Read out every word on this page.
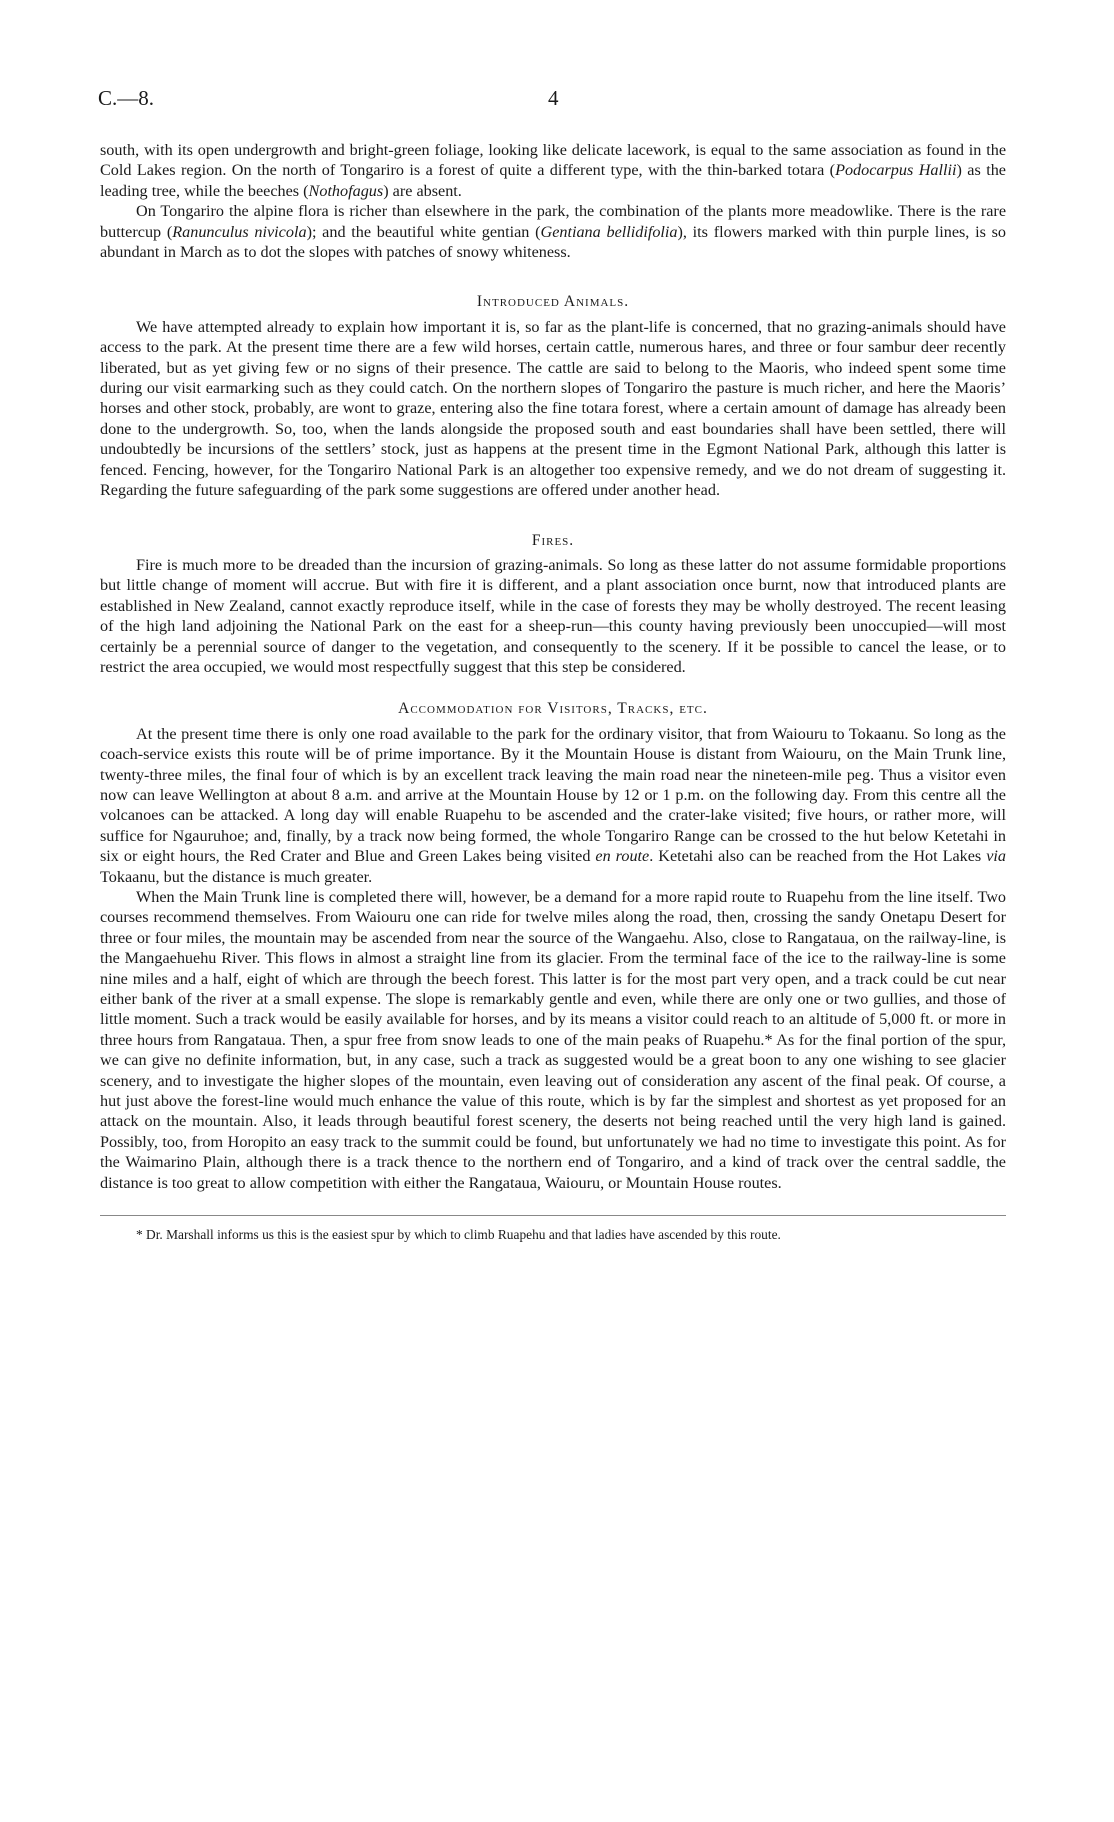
C.—8.	4

south, with its open undergrowth and bright-green foliage, looking like delicate lacework, is equal to the same association as found in the Cold Lakes region. On the north of Tongariro is a forest of quite a different type, with the thin-barked totara (Podocarpus Hallii) as the leading tree, while the beeches (Nothofagus) are absent.

On Tongariro the alpine flora is richer than elsewhere in the park, the combination of the plants more meadowlike. There is the rare buttercup (Ranunculus nivicola); and the beautiful white gentian (Gentiana bellidifolia), its flowers marked with thin purple lines, is so abundant in March as to dot the slopes with patches of snowy whiteness.

Introduced Animals.

We have attempted already to explain how important it is, so far as the plant-life is concerned, that no grazing-animals should have access to the park. At the present time there are a few wild horses, certain cattle, numerous hares, and three or four sambur deer recently liberated, but as yet giving few or no signs of their presence. The cattle are said to belong to the Maoris, who indeed spent some time during our visit earmarking such as they could catch. On the northern slopes of Tongariro the pasture is much richer, and here the Maoris’ horses and other stock, probably, are wont to graze, entering also the fine totara forest, where a certain amount of damage has already been done to the undergrowth. So, too, when the lands alongside the proposed south and east boundaries shall have been settled, there will undoubtedly be incursions of the settlers’ stock, just as happens at the present time in the Egmont National Park, although this latter is fenced. Fencing, however, for the Tongariro National Park is an altogether too expensive remedy, and we do not dream of suggesting it. Regarding the future safeguarding of the park some suggestions are offered under another head.

Fires.

Fire is much more to be dreaded than the incursion of grazing-animals. So long as these latter do not assume formidable proportions but little change of moment will accrue. But with fire it is different, and a plant association once burnt, now that introduced plants are established in New Zealand, cannot exactly reproduce itself, while in the case of forests they may be wholly destroyed. The recent leasing of the high land adjoining the National Park on the east for a sheep-run—this county having previously been unoccupied—will most certainly be a perennial source of danger to the vegetation, and consequently to the scenery. If it be possible to cancel the lease, or to restrict the area occupied, we would most respectfully suggest that this step be considered.

Accommodation for Visitors, Tracks, etc.

At the present time there is only one road available to the park for the ordinary visitor, that from Waiouru to Tokaanu. So long as the coach-service exists this route will be of prime importance. By it the Mountain House is distant from Waiouru, on the Main Trunk line, twenty-three miles, the final four of which is by an excellent track leaving the main road near the nineteen-mile peg. Thus a visitor even now can leave Wellington at about 8 a.m. and arrive at the Mountain House by 12 or 1 p.m. on the following day. From this centre all the volcanoes can be attacked. A long day will enable Ruapehu to be ascended and the crater-lake visited; five hours, or rather more, will suffice for Ngauruhoe; and, finally, by a track now being formed, the whole Tongariro Range can be crossed to the hut below Ketetahi in six or eight hours, the Red Crater and Blue and Green Lakes being visited en route. Ketetahi also can be reached from the Hot Lakes via Tokaanu, but the distance is much greater.

When the Main Trunk line is completed there will, however, be a demand for a more rapid route to Ruapehu from the line itself. Two courses recommend themselves. From Waiouru one can ride for twelve miles along the road, then, crossing the sandy Onetapu Desert for three or four miles, the mountain may be ascended from near the source of the Wangaehu. Also, close to Rangataua, on the railway-line, is the Mangaehuehu River. This flows in almost a straight line from its glacier. From the terminal face of the ice to the railway-line is some nine miles and a half, eight of which are through the beech forest. This latter is for the most part very open, and a track could be cut near either bank of the river at a small expense. The slope is remarkably gentle and even, while there are only one or two gullies, and those of little moment. Such a track would be easily available for horses, and by its means a visitor could reach to an altitude of 5,000 ft. or more in three hours from Rangataua. Then, a spur free from snow leads to one of the main peaks of Ruapehu.* As for the final portion of the spur, we can give no definite information, but, in any case, such a track as suggested would be a great boon to any one wishing to see glacier scenery, and to investigate the higher slopes of the mountain, even leaving out of consideration any ascent of the final peak. Of course, a hut just above the forest-line would much enhance the value of this route, which is by far the simplest and shortest as yet proposed for an attack on the mountain. Also, it leads through beautiful forest scenery, the deserts not being reached until the very high land is gained. Possibly, too, from Horopito an easy track to the summit could be found, but unfortunately we had no time to investigate this point. As for the Waimarino Plain, although there is a track thence to the northern end of Tongariro, and a kind of track over the central saddle, the distance is too great to allow competition with either the Rangataua, Waiouru, or Mountain House routes.

* Dr. Marshall informs us this is the easiest spur by which to climb Ruapehu and that ladies have ascended by this route.
